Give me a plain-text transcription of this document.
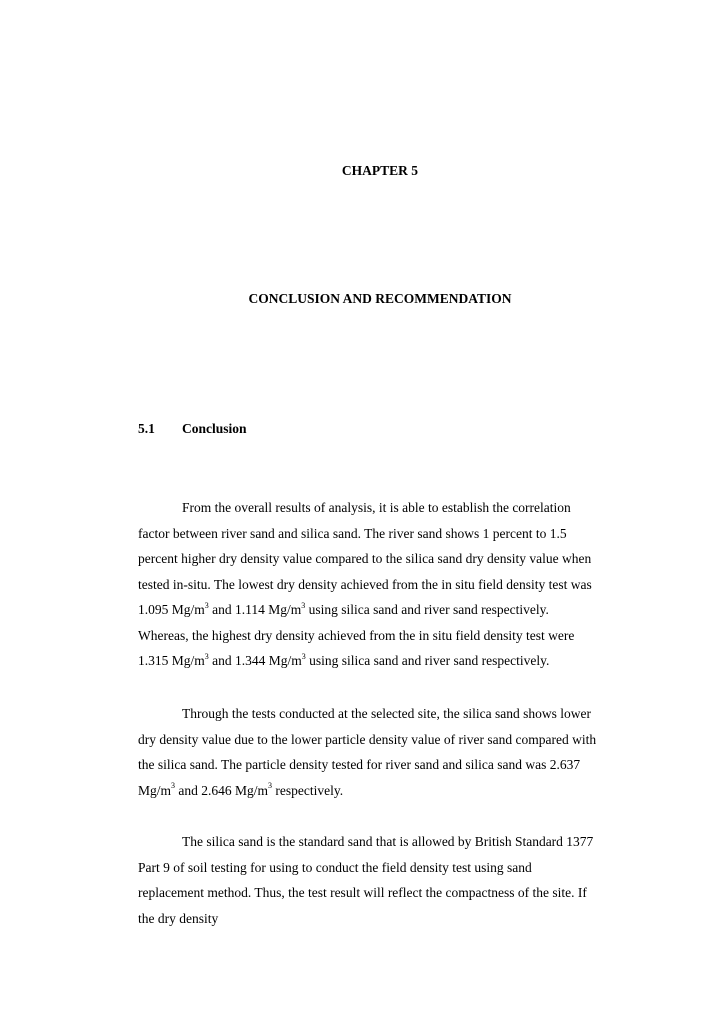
CHAPTER 5
CONCLUSION AND RECOMMENDATION
5.1 Conclusion
From the overall results of analysis, it is able to establish the correlation
factor between river sand and silica sand. The river sand shows 1 percent to 1.5
percent higher dry density value compared to the silica sand dry density value when
tested in-situ. The lowest dry density achieved from the in situ field density test was
1.095 $Mg/m^3$ and 1.114 $Mg/m^3$ using silica sand and river sand respectively.
Whereas, the highest dry density achieved from the in situ field density test were
1.315 $Mg/m^3$ and 1.344 $Mg/m^3$ using silica sand and river sand respectively.
Through the tests conducted at the selected site, the silica sand shows lower
dry density value due to the lower particle density value of river sand compared with
the silica sand. The particle density tested for river sand and silica sand was 2.637
$Mg/m^3$ and 2.646 $Mg/m^3$ respectively.
The silica sand is the standard sand that is allowed by British Standard 1377
Part 9 of soil testing for using to conduct the field density test using sand
replacement method. Thus, the test result will reflect the compactness of the site. If
the dry density
